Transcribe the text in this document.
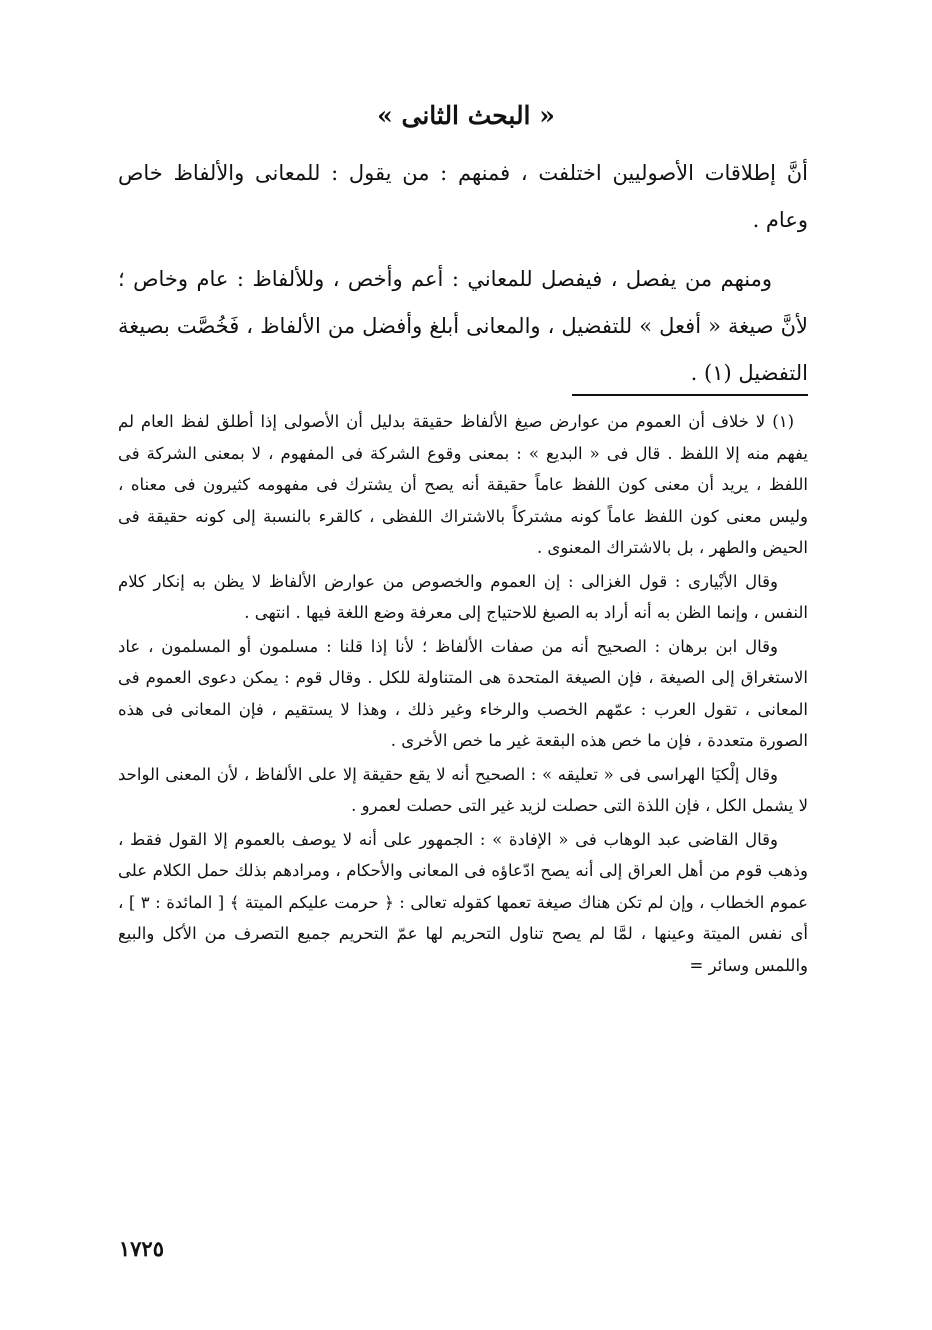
« البحث الثانى »

أنَّ إطلاقات الأصوليين اختلفت ، فمنهم : من يقول : للمعانى والألفاظ خاص وعام .

ومنهم من يفصل ، فيفصل للمعاني : أعم وأخص ، وللألفاظ : عام وخاص ؛ لأنَّ صيغة « أفعل » للتفضيل ، والمعانى أبلغ وأفضل من الألفاظ ، فَخُصَّت بصيغة التفضيل (١) .

(١) لا خلاف أن العموم من عوارض صيغ الألفاظ حقيقة بدليل أن الأصولى إذا أطلق لفظ العام لم يفهم منه إلا اللفظ . قال فى « البديع » : بمعنى وقوع الشركة فى المفهوم ، لا بمعنى الشركة فى اللفظ ، يريد أن معنى كون اللفظ عاماً حقيقة أنه يصح أن يشترك فى مفهومه كثيرون فى معناه ، وليس معنى كون اللفظ عاماً كونه مشتركاً بالاشتراك اللفظى ، كالقرء بالنسبة إلى كونه حقيقة فى الحيض والطهر ، بل بالاشتراك المعنوى .

وقال الأبْيارى : قول الغزالى : إن العموم والخصوص من عوارض الألفاظ لا يظن به إنكار كلام النفس ، وإنما الظن به أنه أراد به الصيغ للاحتياج إلى معرفة وضع اللغة فيها . انتهى .

وقال ابن برهان : الصحيح أنه من صفات الألفاظ ؛ لأنا إذا قلنا : مسلمون أو المسلمون ، عاد الاستغراق إلى الصيغة ، فإن الصيغة المتحدة هى المتناولة للكل . وقال قوم : يمكن دعوى العموم فى المعانى ، تقول العرب : عمّهم الخصب والرخاء وغير ذلك ، وهذا لا يستقيم ، فإن المعانى فى هذه الصورة متعددة ، فإن ما خص هذه البقعة غير ما خص الأخرى .

وقال إلْكيَا الهراسى فى « تعليقه » : الصحيح أنه لا يقع حقيقة إلا على الألفاظ ، لأن المعنى الواحد لا يشمل الكل ، فإن اللذة التى حصلت لزيد غير التى حصلت لعمرو .

وقال القاضى عبد الوهاب فى « الإفادة » : الجمهور على أنه لا يوصف بالعموم إلا القول فقط ، وذهب قوم من أهل العراق إلى أنه يصح ادّعاؤه فى المعانى والأحكام ، ومرادهم بذلك حمل الكلام على عموم الخطاب ، وإن لم تكن هناك صيغة تعمها كقوله تعالى : ﴿ حرمت عليكم الميتة ﴾ [ المائدة : ٣ ] ، أى نفس الميتة وعينها ، لمَّا لم يصح تناول التحريم لها عمّ التحريم جميع التصرف من الأكل والبيع واللمس وسائر =

١٧٢٥
